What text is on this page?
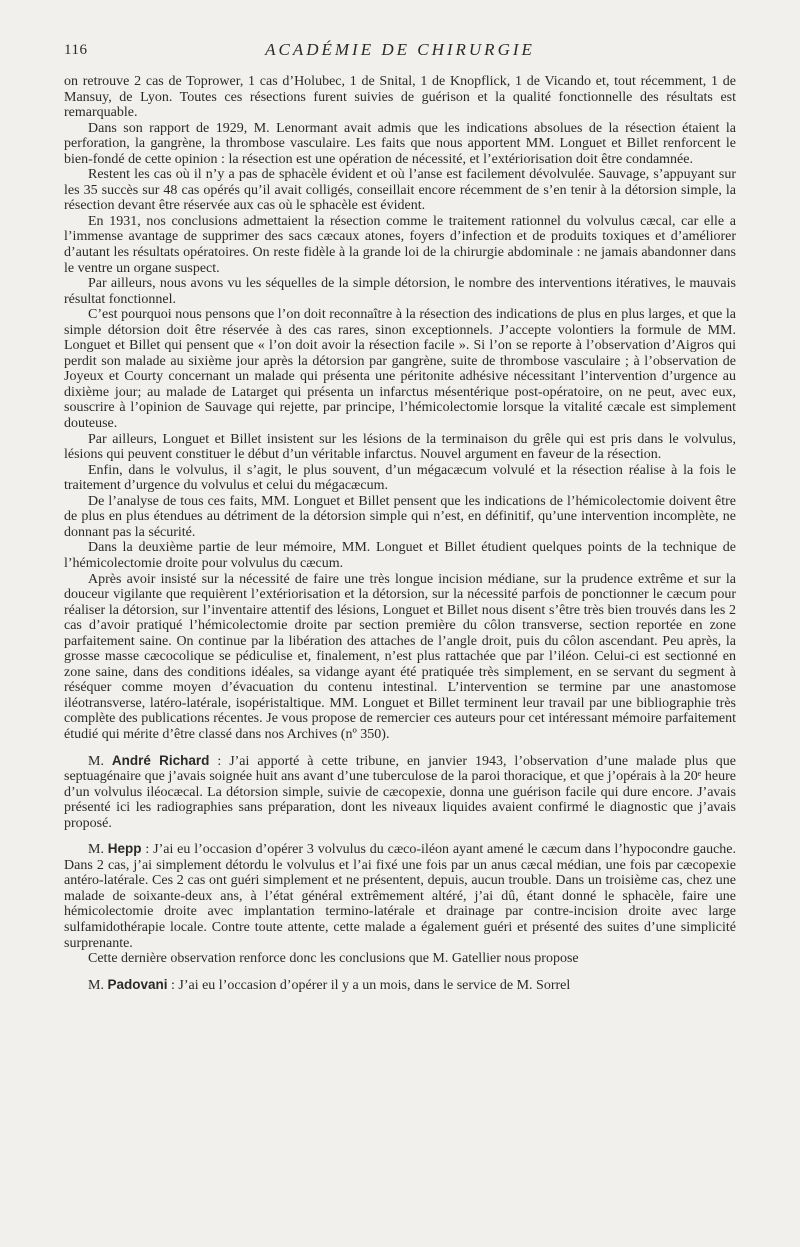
116	ACADÉMIE DE CHIRURGIE

on retrouve 2 cas de Toprower, 1 cas d’Holubec, 1 de Snital, 1 de Knopflick, 1 de Vicando et, tout récemment, 1 de Mansuy, de Lyon. Toutes ces résections furent suivies de guérison et la qualité fonctionnelle des résultats est remarquable.

Dans son rapport de 1929, M. Lenormant avait admis que les indications absolues de la résection étaient la perforation, la gangrène, la thrombose vasculaire. Les faits que nous apportent MM. Longuet et Billet renforcent le bien-fondé de cette opinion : la résection est une opération de nécessité, et l’extériorisation doit être condamnée.

Restent les cas où il n’y a pas de sphacèle évident et où l’anse est facilement dévolvulée. Sauvage, s’appuyant sur les 35 succès sur 48 cas opérés qu’il avait colligés, conseillait encore récemment de s’en tenir à la détorsion simple, la résection devant être réservée aux cas où le sphacèle est évident.

En 1931, nos conclusions admettaient la résection comme le traitement rationnel du volvulus cæcal, car elle a l’immense avantage de supprimer des sacs cæcaux atones, foyers d’infection et de produits toxiques et d’améliorer d’autant les résultats opératoires. On reste fidèle à la grande loi de la chirurgie abdominale : ne jamais abandonner dans le ventre un organe suspect.

Par ailleurs, nous avons vu les séquelles de la simple détorsion, le nombre des interventions itératives, le mauvais résultat fonctionnel.

C’est pourquoi nous pensons que l’on doit reconnaître à la résection des indications de plus en plus larges, et que la simple détorsion doit être réservée à des cas rares, sinon exceptionnels. J’accepte volontiers la formule de MM. Longuet et Billet qui pensent que « l’on doit avoir la résection facile ». Si l’on se reporte à l’observation d’Aigros qui perdit son malade au sixième jour après la détorsion par gangrène, suite de thrombose vasculaire ; à l’observation de Joyeux et Courty concernant un malade qui présenta une péritonite adhésive nécessitant l’intervention d’urgence au dixième jour; au malade de Latarget qui présenta un infarctus mésentérique post-opératoire, on ne peut, avec eux, souscrire à l’opinion de Sauvage qui rejette, par principe, l’hémicolectomie lorsque la vitalité cæcale est simplement douteuse.

Par ailleurs, Longuet et Billet insistent sur les lésions de la terminaison du grêle qui est pris dans le volvulus, lésions qui peuvent constituer le début d’un véritable infarctus. Nouvel argument en faveur de la résection.

Enfin, dans le volvulus, il s’agit, le plus souvent, d’un mégacæcum volvulé et la résection réalise à la fois le traitement d’urgence du volvulus et celui du mégacæcum.

De l’analyse de tous ces faits, MM. Longuet et Billet pensent que les indications de l’hémicolectomie doivent être de plus en plus étendues au détriment de la détorsion simple qui n’est, en définitif, qu’une intervention incomplète, ne donnant pas la sécurité.

Dans la deuxième partie de leur mémoire, MM. Longuet et Billet étudient quelques points de la technique de l’hémicolectomie droite pour volvulus du cæcum.

Après avoir insisté sur la nécessité de faire une très longue incision médiane, sur la prudence extrême et sur la douceur vigilante que requièrent l’extériorisation et la détorsion, sur la nécessité parfois de ponctionner le cæcum pour réaliser la détorsion, sur l’inventaire attentif des lésions, Longuet et Billet nous disent s’être très bien trouvés dans les 2 cas d’avoir pratiqué l’hémicolectomie droite par section première du côlon transverse, section reportée en zone parfaitement saine. On continue par la libération des attaches de l’angle droit, puis du côlon ascendant. Peu après, la grosse masse cæcocolique se pédiculise et, finalement, n’est plus rattachée que par l’iléon. Celui-ci est sectionné en zone saine, dans des conditions idéales, sa vidange ayant été pratiquée très simplement, en se servant du segment à réséquer comme moyen d’évacuation du contenu intestinal. L’intervention se termine par une anastomose iléotransverse, latéro-latérale, isopéristaltique. MM. Longuet et Billet terminent leur travail par une bibliographie très complète des publications récentes. Je vous propose de remercier ces auteurs pour cet intéressant mémoire parfaitement étudié qui mérite d’être classé dans nos Archives (nº 350).

M. André Richard : J’ai apporté à cette tribune, en janvier 1943, l’observation d’une malade plus que septuagénaire que j’avais soignée huit ans avant d’une tuberculose de la paroi thoracique, et que j’opérais à la 20ᵉ heure d’un volvulus iléocæcal. La détorsion simple, suivie de cæcopexie, donna une guérison facile qui dure encore. J’avais présenté ici les radiographies sans préparation, dont les niveaux liquides avaient confirmé le diagnostic que j’avais proposé.

M. Hepp : J’ai eu l’occasion d’opérer 3 volvulus du cæco-iléon ayant amené le cæcum dans l’hypocondre gauche. Dans 2 cas, j’ai simplement détordu le volvulus et l’ai fixé une fois par un anus cæcal médian, une fois par cæcopexie antéro-latérale. Ces 2 cas ont guéri simplement et ne présentent, depuis, aucun trouble. Dans un troisième cas, chez une malade de soixante-deux ans, à l’état général extrêmement altéré, j’ai dû, étant donné le sphacèle, faire une hémicolectomie droite avec implantation termino-latérale et drainage par contre-incision droite avec large sulfamidothérapie locale. Contre toute attente, cette malade a également guéri et présenté des suites d’une simplicité surprenante.

Cette dernière observation renforce donc les conclusions que M. Gatellier nous propose

M. Padovani : J’ai eu l’occasion d’opérer il y a un mois, dans le service de M. Sorrel
